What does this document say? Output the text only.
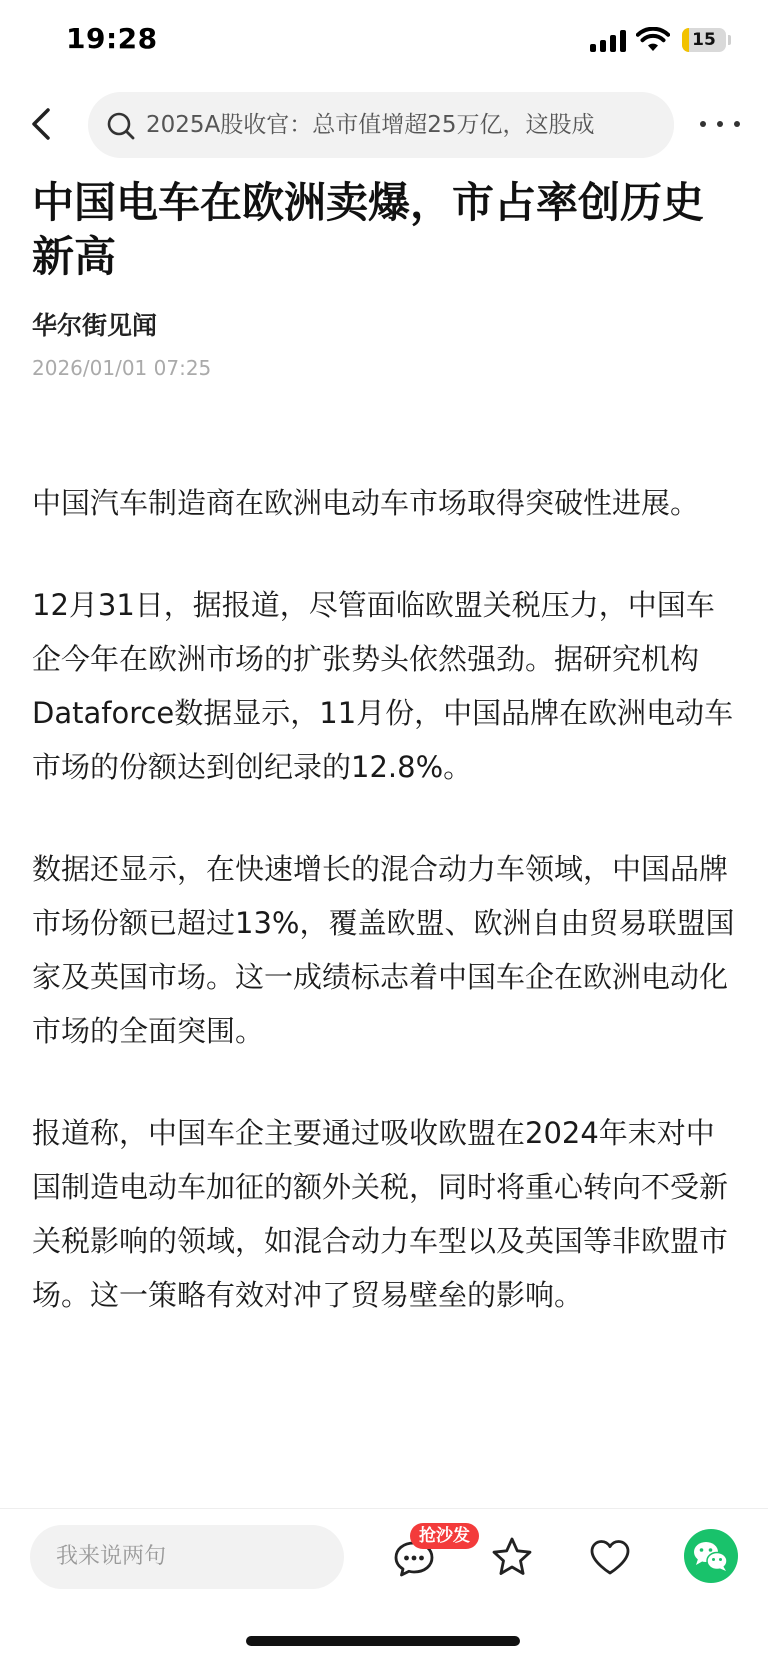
19:28	15
2025A股收官：总市值增超25万亿，这股成
中国电车在欧洲卖爆，市占率创历史新高
华尔街见闻
2026/01/01 07:25

中国汽车制造商在欧洲电动车市场取得突破性进展。

12月31日，据报道，尽管面临欧盟关税压力，中国车企今年在欧洲市场的扩张势头依然强劲。据研究机构Dataforce数据显示，11月份，中国品牌在欧洲电动车市场的份额达到创纪录的12.8%。

数据还显示，在快速增长的混合动力车领域，中国品牌市场份额已超过13%，覆盖欧盟、欧洲自由贸易联盟国家及英国市场。这一成绩标志着中国车企在欧洲电动化市场的全面突围。

报道称，中国车企主要通过吸收欧盟在2024年末对中国制造电动车加征的额外关税，同时将重心转向不受新关税影响的领域，如混合动力车型以及英国等非欧盟市场。这一策略有效对冲了贸易壁垒的影响。

我来说两句
抢沙发
